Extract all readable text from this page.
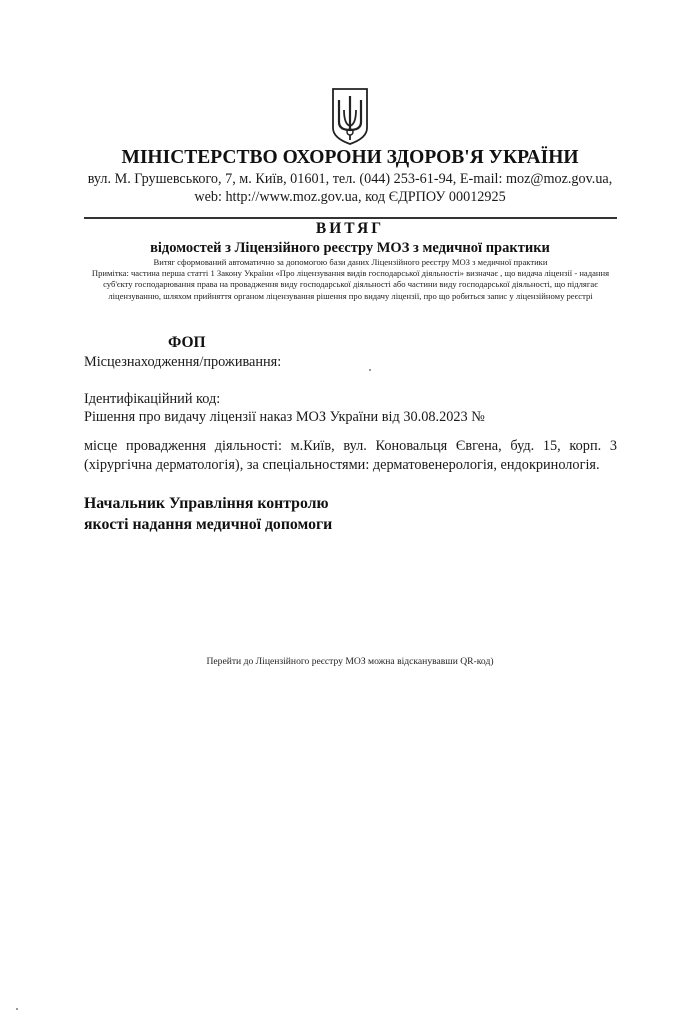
МІНІСТЕРСТВО ОХОРОНИ ЗДОРОВ'Я УКРАЇНИ
вул. М. Грушевського, 7, м. Київ, 01601, тел. (044) 253-61-94, E-mail: moz@moz.gov.ua,
web: http://www.moz.gov.ua, код ЄДРПОУ 00012925
ВИТЯГ
відомостей з Ліцензійного реєстру МОЗ з медичної практики
Витяг сформований автоматично за допомогою бази даних Ліцензійного реєстру МОЗ з медичної практики
Примітка: частина перша статті 1 Закону України «Про ліцензування видів господарської діяльності» визначає , що видача ліцензії - надання суб'єкту господарювання права на провадження виду господарської діяльності або частини виду господарської діяльності, що підлягає ліцензуванню, шляхом прийняття органом ліцензування рішення про видачу ліцензії, про що робиться запис у ліцензійному реєстрі
ФОП
Місцезнаходження/проживання:
Ідентифікаційний код:
Рішення про видачу ліцензії наказ МОЗ України від 30.08.2023 №
місце провадження діяльності: м.Київ, вул. Коновальця Євгена, буд. 15, корп. 3 (хірургічна дерматологія), за спеціальностями: дерматовенерологія, ендокринологія.
Начальник Управління контролю
якості надання медичної допомоги
Перейти до Ліцензійного реєстру МОЗ можна відсканувавши QR-код)
